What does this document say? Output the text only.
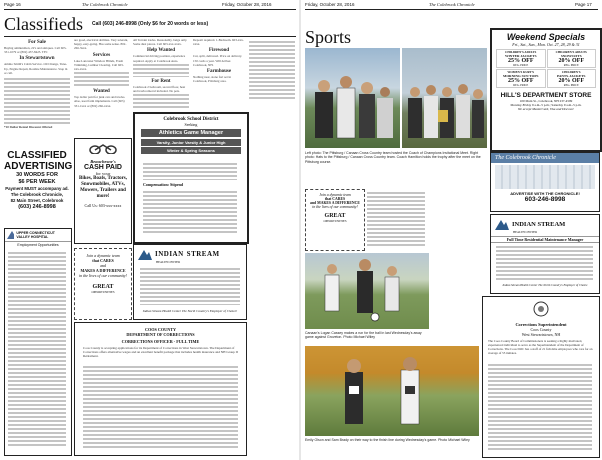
Page 16	The Colebrook Chronicle	Friday, October 28, 2016
Classifieds Call (603) 246-8998 (Only $6 for 20 words or less)
For Sale
Buying ammunition, 22's and antiques. Call 603-331-1079 or (802) 437-8425. TFC
In Stewartstown
Ammo Smith's Cabin Service. Oil Change, Tune-Up, Engine Repair, Routine Maintenance. Stop in or call.
*10 Dollar Rental Discount Offered
are good, electrical abilities. Very tolerant, happy, easy-going. Has some sense. 802-266-3xxx.
Services
Lake Lancaster Window Blinds, Fresh Trimming, Lumber Clearing. Call 603-xxx-xxxx.
Wanted
Top dollar paid for junk cars and trucks. Also, used farm implements. Call (603) 331-1xxx or (802) 266-xxxx.
All Terrain tracks. Reasonably, beige only. Some dust pieces. Call 603-xxx-xxxx.
Help Wanted
Commercial driving position, experience required. Apply at Colebrook Auto.
For Rent
Colebrook 2 bedroom, second floor, heat and trash removal included. No pets.
Deposit required. 1-Bedroom. 603-xxx-xxxx.
Firewood
Cut, split, delivered. Price on delivery. 150 cords a year. Will deliver. Colebrook, NH.
Farmhouse
Nothing near, stone fort set in Colebrook, Pittsburg area.
CLASSIFIED
ADVERTISING
30 WORDS FOR
$6 PER WEEK
Payment MUST accompany ad.
The Colebrook Chronicle,
82 Main Street, Colebrook
(603) 246-8998
UPPER CONNECTICUT VALLEY HOSPITAL
Employment Opportunities
Colebrook School District
Seeking
Athletics Game Manager
Varsity, Junior Varsity & Junior High
Winter & Spring Seasons
Compensation: Stipend
Beauchesne's
CASH PAID
for your
Bikes, Boats, Tractors, Snowmobiles, ATVs, Mowers, Trailers and more!
Call Us: 603-xxx-xxxx
Join a dynamic team
that CARES
and
MAKES A DIFFERENCE
in the lives of our community!
GREAT
OPPORTUNITIES
INDIAN STREAM
HEALTH CENTER
Indian Stream Health Center The North Country's Employer of Choice!
COOS COUNTY
DEPARTMENT OF CORRECTIONS
CORRECTIONS OFFICER - FULL TIME
Coos County is accepting applications for its Department of Corrections in West Stewartstown. The Department of Corrections offers alternative wages and an excellent benefit package that includes health insurance and NH Group II Retirement.
Friday, October 28, 2016	The Colebrook Chronicle	Page 17
Sports
Left photo: The Pittsburg / Canaan Cross Country team hosted the Coach of Champions Invitational Meet. Right photo: Hats to the Pittsburg / Canaan Cross Country team. Coach Hamilton holds the trophy after the meet on the Pittsburg course.
Weekend Specials
Fri., Sat., Sun., Mon. Oct. 27, 28, 29 & 31
CHILDREN'S ADULTS
WINTER JACKETS
25% OFF
REG. PRICE
CHILDREN'S ADULTS
SNOWSUITS
20% OFF
REG. PRICE
WOMEN'S KURT'S
MORNING SUN TOPS
25% OFF
REG. PRICE
CHILDREN'S
PANTS-JACKETS
20% OFF
REG. PRICE
HILL'S DEPARTMENT STORE
100 Main St., Colebrook, NH 237-4599
Monday-Friday 9 a.m.-5 p.m.; Saturday 9 a.m.-5 p.m.
We accept MasterCard, Visa and Discover
The Colebrook Chronicle
ADVERTISE WITH THE CHRONICLE!
603-246-8998
Join a dynamic team
that CARES
and MAKES A DIFFERENCE
in the lives of our community!
GREAT
OPPORTUNITIES	INDIAN STREAM
HEALTH CENTER
Full Time Residential Maintenance Manager
Indian Stream Health Center The North Country's Employer of Choice
Canaan's Logan Cassey makes a run for the ball in last Wednesday's away game against Groveton. Photo Michael Wiley
Emily Olson and Sam Brady on their way to the finish line during Wednesday's game. Photo Michael Wiley
Corrections Superintendent
Coos County
West Stewartstown, NH
The Coos County Board of Commissioners is seeking a highly motivated, experienced individual to serve as the Superintendent of the Department of Corrections. The Coos DOC has a staff of 21 full-time employees who care for an average of 55 inmates.
